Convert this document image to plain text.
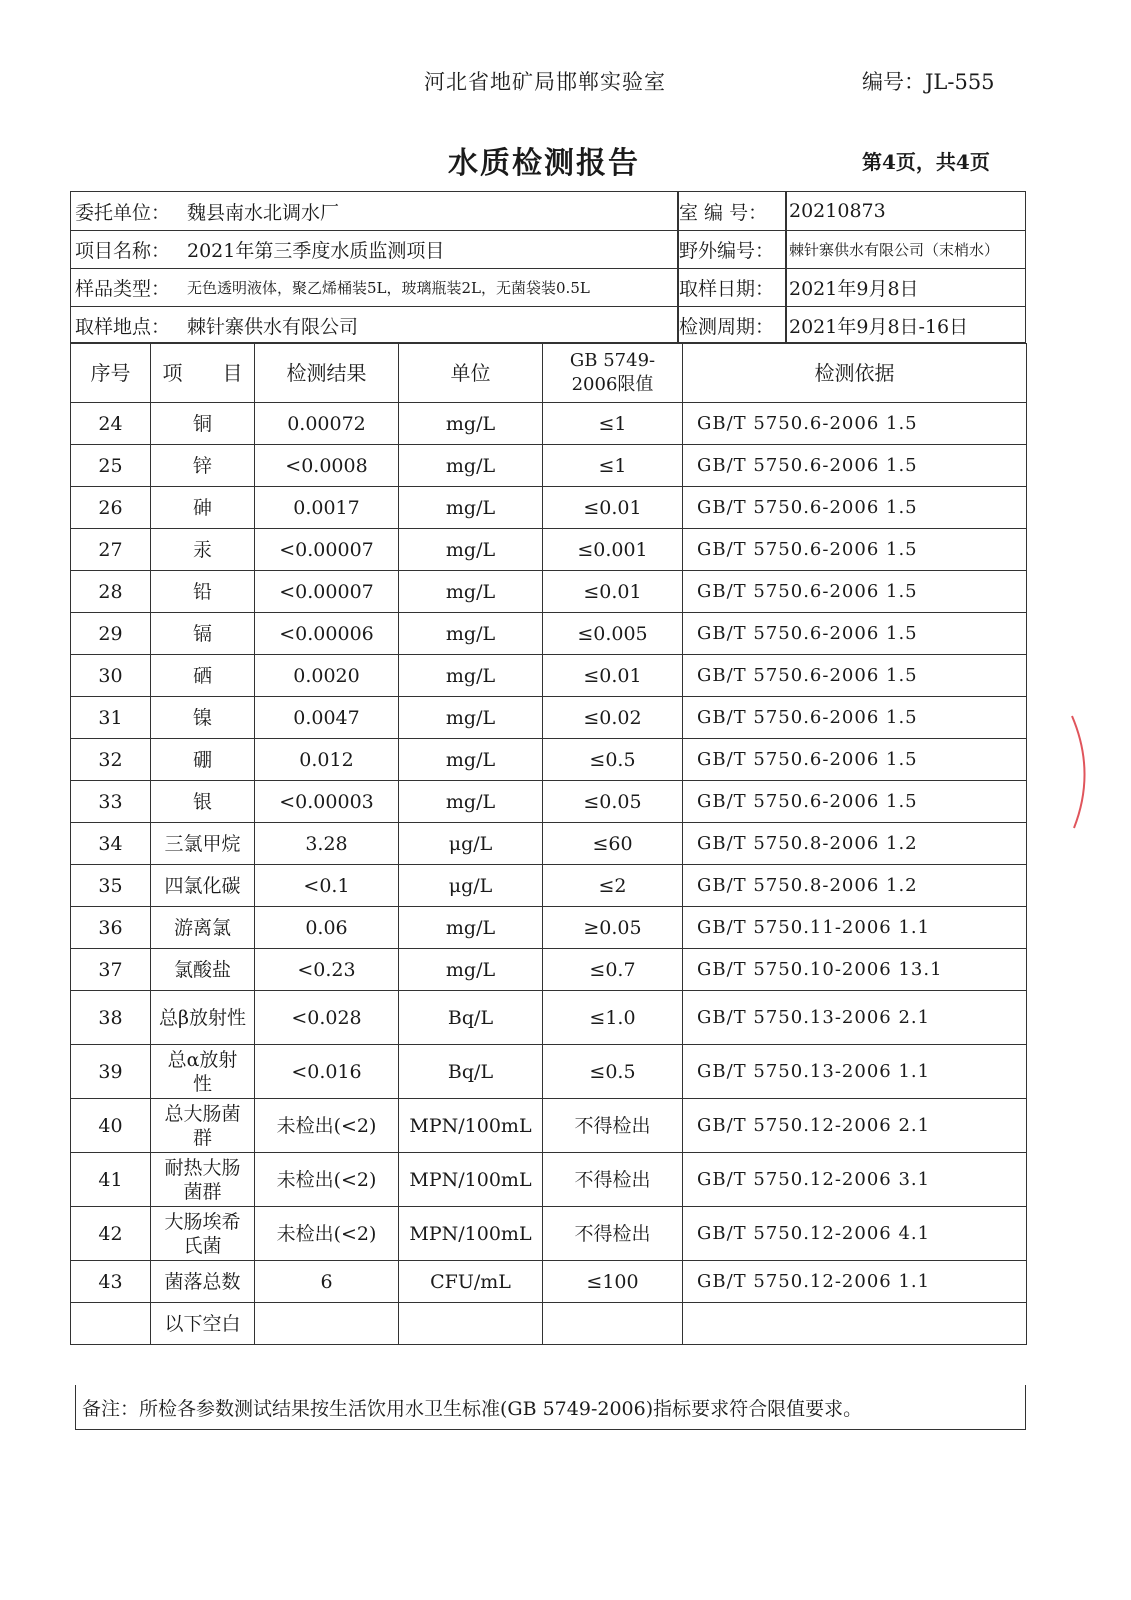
河北省地矿局邯郸实验室	编号：JL-555
水质检测报告	第4页，共4页
委托单位： 魏县南水北调水厂	室 编 号： 20210873
项目名称： 2021年第三季度水质监测项目	野外编号： 棘针寨供水有限公司（末梢水）
样品类型： 无色透明液体，聚乙烯桶装5L，玻璃瓶装2L，无菌袋装0.5L	取样日期： 2021年9月8日
取样地点： 棘针寨供水有限公司	检测周期： 2021年9月8日-16日
序号	项　　目	检测结果	单位	GB 5749-2006限值	检测依据
24	铜	0.00072	mg/L	≤1	GB/T 5750.6-2006 1.5
25	锌	<0.0008	mg/L	≤1	GB/T 5750.6-2006 1.5
26	砷	0.0017	mg/L	≤0.01	GB/T 5750.6-2006 1.5
27	汞	<0.00007	mg/L	≤0.001	GB/T 5750.6-2006 1.5
28	铅	<0.00007	mg/L	≤0.01	GB/T 5750.6-2006 1.5
29	镉	<0.00006	mg/L	≤0.005	GB/T 5750.6-2006 1.5
30	硒	0.0020	mg/L	≤0.01	GB/T 5750.6-2006 1.5
31	镍	0.0047	mg/L	≤0.02	GB/T 5750.6-2006 1.5
32	硼	0.012	mg/L	≤0.5	GB/T 5750.6-2006 1.5
33	银	<0.00003	mg/L	≤0.05	GB/T 5750.6-2006 1.5
34	三氯甲烷	3.28	μg/L	≤60	GB/T 5750.8-2006 1.2
35	四氯化碳	<0.1	μg/L	≤2	GB/T 5750.8-2006 1.2
36	游离氯	0.06	mg/L	≥0.05	GB/T 5750.11-2006 1.1
37	氯酸盐	<0.23	mg/L	≤0.7	GB/T 5750.10-2006 13.1
38	总β放射性	<0.028	Bq/L	≤1.0	GB/T 5750.13-2006 2.1
39	总α放射性	<0.016	Bq/L	≤0.5	GB/T 5750.13-2006 1.1
40	总大肠菌群	未检出(<2)	MPN/100mL	不得检出	GB/T 5750.12-2006 2.1
41	耐热大肠菌群	未检出(<2)	MPN/100mL	不得检出	GB/T 5750.12-2006 3.1
42	大肠埃希氏菌	未检出(<2)	MPN/100mL	不得检出	GB/T 5750.12-2006 4.1
43	菌落总数	6	CFU/mL	≤100	GB/T 5750.12-2006 1.1
	以下空白				
备注：所检各参数测试结果按生活饮用水卫生标准(GB 5749-2006)指标要求符合限值要求。
